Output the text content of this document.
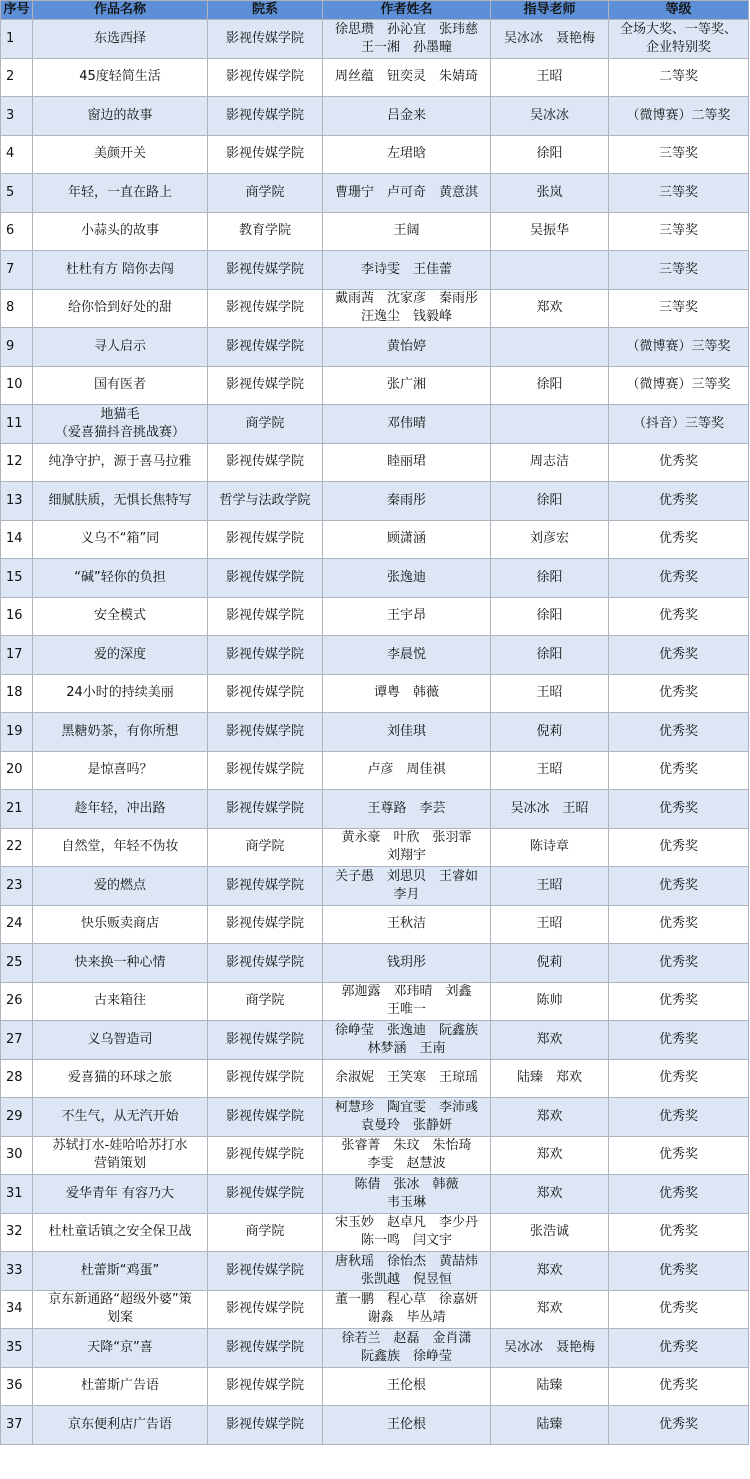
序号	作品名称	院系	作者姓名	指导老师	等级
1	东选西择	影视传媒学院	徐思瓒　孙沁宜　张玮慈
王一湘　孙墨疃	吴冰冰　聂艳梅	全场大奖、一等奖、
企业特别奖
2	45度轻简生活	影视传媒学院	周丝蕴　钮奕灵　朱婧琦	王昭	二等奖
3	窗边的故事	影视传媒学院	吕金来	吴冰冰	（微博赛）二等奖
4	美颜开关	影视传媒学院	左珺晗	徐阳	三等奖
5	年轻，一直在路上	商学院	曹珊宁　卢可奇　黄意淇	张岚	三等奖
6	小蒜头的故事	教育学院	王阔	吴振华	三等奖
7	杜杜有方 陪你去闯	影视传媒学院	李诗雯　王佳蕾		三等奖
8	给你恰到好处的甜	影视传媒学院	戴雨茜　沈家彦　秦雨彤
汪逸尘　钱毅峰	郑欢	三等奖
9	寻人启示	影视传媒学院	黄怡婷		（微博赛）三等奖
10	国有医者	影视传媒学院	张广湘	徐阳	（微博赛）三等奖
11	地猫毛
（爱喜猫抖音挑战赛）	商学院	邓伟晴		（抖音）三等奖
12	纯净守护，源于喜马拉雅	影视传媒学院	睦丽珺	周志洁	优秀奖
13	细腻肤质，无惧长焦特写	哲学与法政学院	秦雨彤	徐阳	优秀奖
14	义乌不“箱”同	影视传媒学院	顾潇涵	刘彦宏	优秀奖
15	“碱”轻你的负担	影视传媒学院	张逸迪	徐阳	优秀奖
16	安全模式	影视传媒学院	王宇昂	徐阳	优秀奖
17	爱的深度	影视传媒学院	李晨悦	徐阳	优秀奖
18	24小时的持续美丽	影视传媒学院	谭粤　韩薇	王昭	优秀奖
19	黑糖奶茶，有你所想	影视传媒学院	刘佳琪	倪莉	优秀奖
20	是惊喜吗？	影视传媒学院	卢彦　周佳祺	王昭	优秀奖
21	趁年轻，冲出路	影视传媒学院	王尊路　李芸	吴冰冰　王昭	优秀奖
22	自然堂，年轻不伪妆	商学院	黄永豪　叶欣　张羽霏
刘翔宇	陈诗章	优秀奖
23	爱的燃点	影视传媒学院	关子愚　刘思贝　王睿如
李月	王昭	优秀奖
24	快乐贩卖商店	影视传媒学院	王秋洁	王昭	优秀奖
25	快来换一种心情	影视传媒学院	钱玥彤	倪莉	优秀奖
26	古来箱往	商学院	郭迦露　邓玮晴　刘鑫
王唯一	陈帅	优秀奖
27	义乌智造司	影视传媒学院	徐峥莹　张逸迪　阮鑫族
林梦涵　王南	郑欢	优秀奖
28	爱喜猫的环球之旅	影视传媒学院	余淑妮　王笑寒　王琼瑶	陆臻　郑欢	优秀奖
29	不生气，从无汽开始	影视传媒学院	柯慧珍　陶宜雯　李沛彧
袁曼玲　张静妍	郑欢	优秀奖
30	苏轼打水-娃哈哈苏打水
营销策划	影视传媒学院	张睿菁　朱玟　朱怡琦
李雯　赵慧波	郑欢	优秀奖
31	爱华青年 有容乃大	影视传媒学院	陈倩　张冰　韩薇
韦玉琳	郑欢	优秀奖
32	杜杜童话镇之安全保卫战	商学院	宋玉妙　赵卓凡　李少丹
陈一鸣　闫文宇	张浩诚	优秀奖
33	杜蕾斯“鸡蛋”	影视传媒学院	唐秋瑶　徐怡杰　黄喆炜
张凯越　倪昱恒	郑欢	优秀奖
34	京东新通路“超级外婆”策
划案	影视传媒学院	董一鹏　程心草　徐嘉妍
谢淼　毕丛靖	郑欢	优秀奖
35	天降“京”喜	影视传媒学院	徐若兰　赵磊　金肖潇
阮鑫族　徐峥莹	吴冰冰　聂艳梅	优秀奖
36	杜蕾斯广告语	影视传媒学院	王伦根	陆臻	优秀奖
37	京东便利店广告语	影视传媒学院	王伦根	陆臻	优秀奖
